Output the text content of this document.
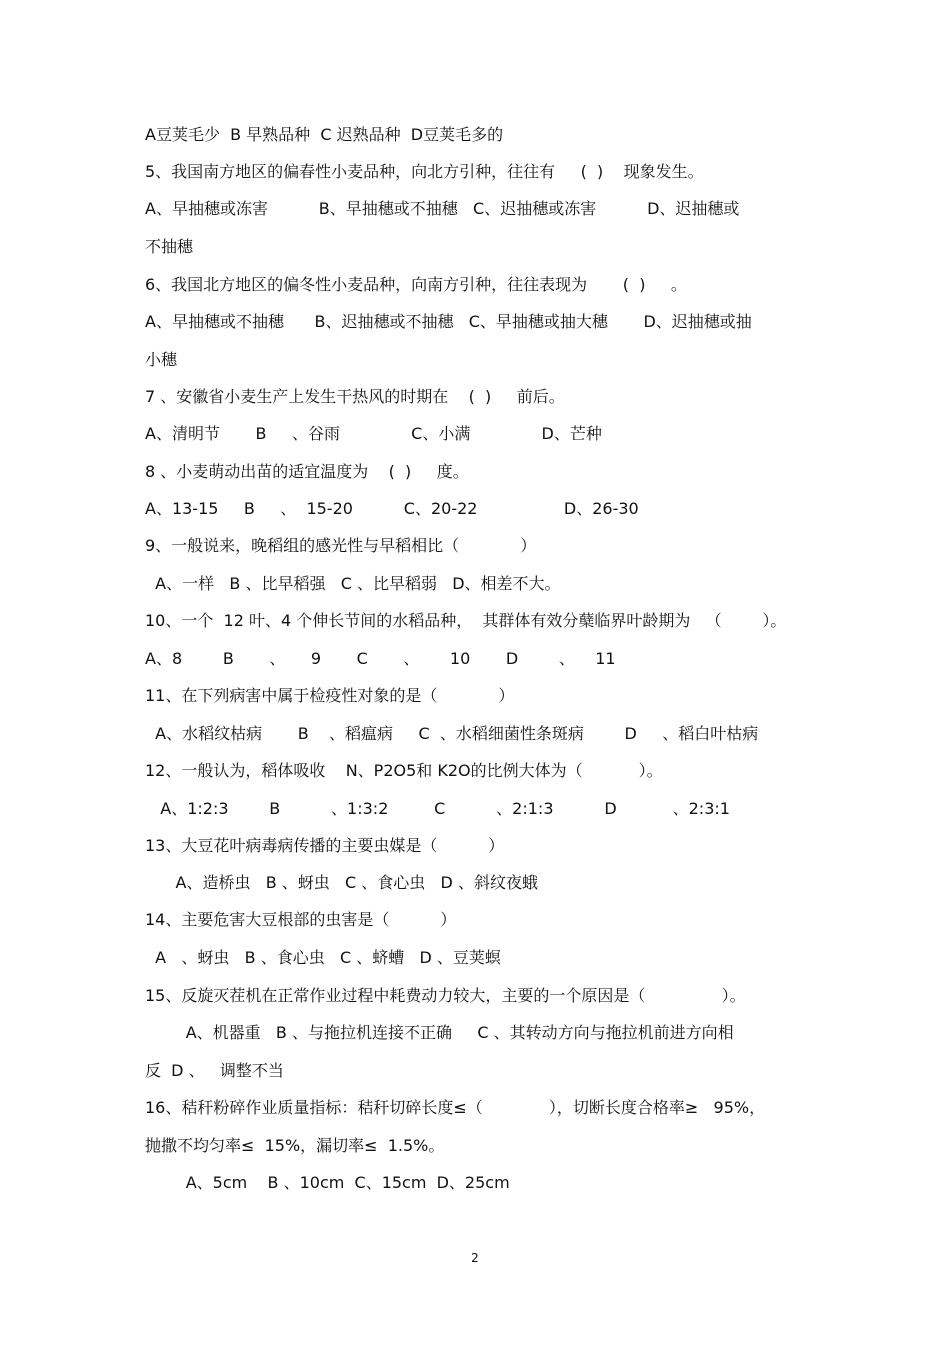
A豆荚毛少  B 早熟品种  C 迟熟品种  D豆荚毛多的
5、我国南方地区的偏春性小麦品种，向北方引种，往往有     (  )    现象发生。
A、早抽穗或冻害          B、早抽穗或不抽穗   C、迟抽穗或冻害          D、迟抽穗或
不抽穗
6、我国北方地区的偏冬性小麦品种，向南方引种，往往表现为       (  )     。
A、早抽穗或不抽穗      B、迟抽穗或不抽穗   C、早抽穗或抽大穗       D、迟抽穗或抽
小穗
7 、安徽省小麦生产上发生干热风的时期在    (  )     前后。
A、清明节       B     、谷雨              C、小满              D、芒种
8 、小麦萌动出苗的适宜温度为    (  )     度。
A、13-15     B     、  15-20          C、20-22                 D、26-30
9、一般说来，晚稻组的感光性与早稻相比（            ）
A、一样   B 、比早稻强   C 、比早稻弱   D、相差不大。
10、一个  12 叶、4 个伸长节间的水稻品种，  其群体有效分蘖临界叶龄期为   （        ）。
A、8        B       、     9       C       、      10       D        、    11
11、在下列病害中属于检疫性对象的是（            ）
A、水稻纹枯病       B    、稻瘟病     C  、水稻细菌性条斑病        D     、稻白叶枯病
12、一般认为，稻体吸收    N、P2O5和 K2O的比例大体为（           ）。
A、1:2:3        B          、1:3:2         C          、2:1:3          D           、2:3:1
13、大豆花叶病毒病传播的主要虫媒是（          ）
A、造桥虫   B 、蚜虫   C 、食心虫   D 、斜纹夜蛾
14、主要危害大豆根部的虫害是（          ）
A   、蚜虫   B 、食心虫   C 、蛴螬   D 、豆荚螟
15、反旋灭茬机在正常作业过程中耗费动力较大，主要的一个原因是（               ）。
A、机器重   B 、与拖拉机连接不正确     C 、其转动方向与拖拉机前进方向相
反  D 、   调整不当
16、秸秆粉碎作业质量指标：秸秆切碎长度≤（             ），切断长度合格率≥   95%，
抛撒不均匀率≤  15%，漏切率≤  1.5%。
A、5cm    B 、10cm  C、15cm  D、25cm
2
